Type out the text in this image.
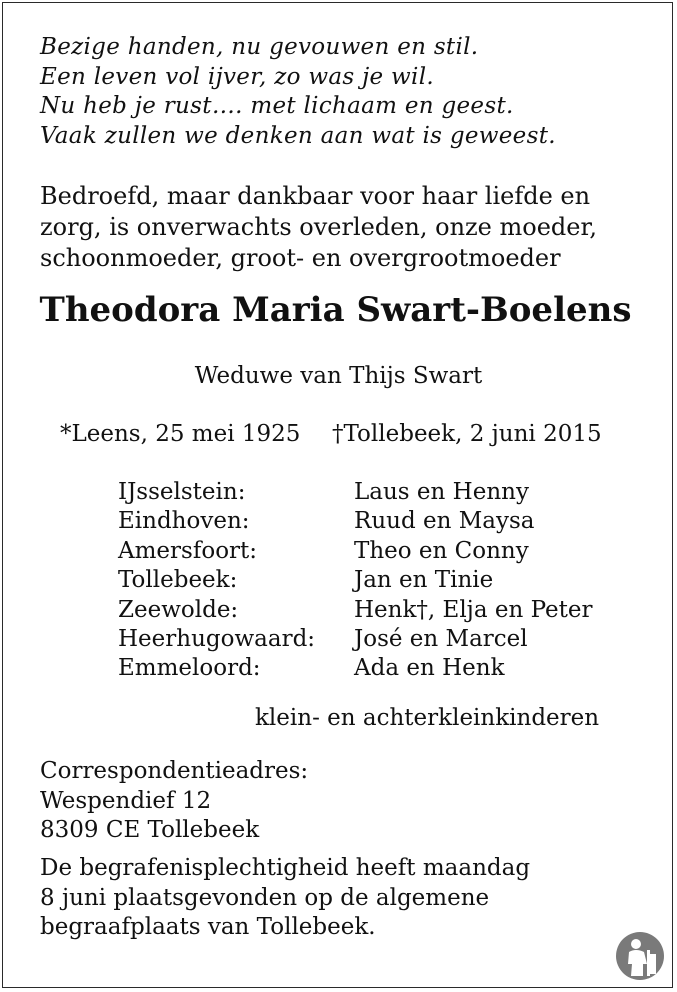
Bezige handen, nu gevouwen en stil.
Een leven vol ijver, zo was je wil.
Nu heb je rust…. met lichaam en geest.
Vaak zullen we denken aan wat is geweest.
Bedroefd, maar dankbaar voor haar liefde en
zorg, is onverwachts overleden, onze moeder,
schoonmoeder, groot- en overgrootmoeder
Theodora Maria Swart-Boelens
Weduwe van Thijs Swart
*Leens, 25 mei 1925 †Tollebeek, 2 juni 2015
IJsselstein:	Laus en Henny
Eindhoven:	Ruud en Maysa
Amersfoort:	Theo en Conny
Tollebeek:	Jan en Tinie
Zeewolde:	Henk†, Elja en Peter
Heerhugowaard:	José en Marcel
Emmeloord:	Ada en Henk
klein- en achterkleinkinderen
Correspondentieadres:
Wespendief 12
8309 CE Tollebeek
De begrafenisplechtigheid heeft maandag
8 juni plaatsgevonden op de algemene
begraafplaats van Tollebeek.
